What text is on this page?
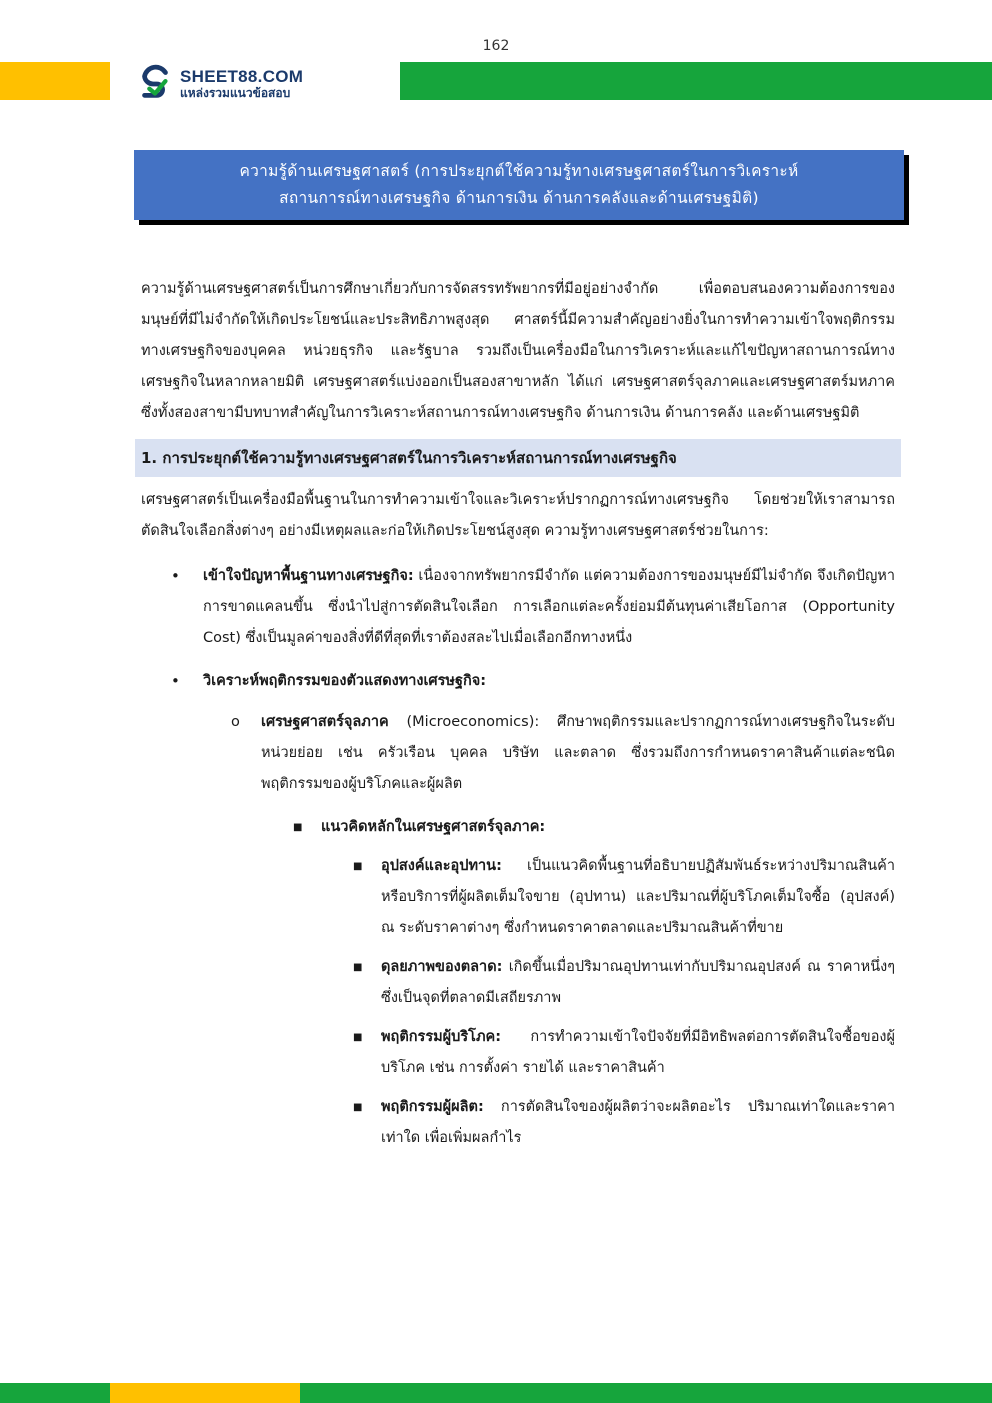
162
SHEET88.COM
แหล่งรวมแนวข้อสอบ
ความรู้ด้านเศรษฐศาสตร์ (การประยุกต์ใช้ความรู้ทางเศรษฐศาสตร์ในการวิเคราะห์
สถานการณ์ทางเศรษฐกิจ ด้านการเงิน ด้านการคลังและด้านเศรษฐมิติ)

ความรู้ด้านเศรษฐศาสตร์เป็นการศึกษาเกี่ยวกับการจัดสรรทรัพยากรที่มีอยู่อย่างจำกัด เพื่อตอบสนองความต้องการของมนุษย์ที่มีไม่จำกัดให้เกิดประโยชน์และประสิทธิภาพสูงสุด ศาสตร์นี้มีความสำคัญอย่างยิ่งในการทำความเข้าใจพฤติกรรมทางเศรษฐกิจของบุคคล หน่วยธุรกิจ และรัฐบาล รวมถึงเป็นเครื่องมือในการวิเคราะห์และแก้ไขปัญหาสถานการณ์ทางเศรษฐกิจในหลากหลายมิติ เศรษฐศาสตร์แบ่งออกเป็นสองสาขาหลัก ได้แก่ เศรษฐศาสตร์จุลภาคและเศรษฐศาสตร์มหภาค ซึ่งทั้งสองสาขามีบทบาทสำคัญในการวิเคราะห์สถานการณ์ทางเศรษฐกิจ ด้านการเงิน ด้านการคลัง และด้านเศรษฐมิติ

1. การประยุกต์ใช้ความรู้ทางเศรษฐศาสตร์ในการวิเคราะห์สถานการณ์ทางเศรษฐกิจ

เศรษฐศาสตร์เป็นเครื่องมือพื้นฐานในการทำความเข้าใจและวิเคราะห์ปรากฏการณ์ทางเศรษฐกิจ โดยช่วยให้เราสามารถตัดสินใจเลือกสิ่งต่างๆ อย่างมีเหตุผลและก่อให้เกิดประโยชน์สูงสุด ความรู้ทางเศรษฐศาสตร์ช่วยในการ:

• เข้าใจปัญหาพื้นฐานทางเศรษฐกิจ: เนื่องจากทรัพยากรมีจำกัด แต่ความต้องการของมนุษย์มีไม่จำกัด จึงเกิดปัญหาการขาดแคลนขึ้น ซึ่งนำไปสู่การตัดสินใจเลือก การเลือกแต่ละครั้งย่อมมีต้นทุนค่าเสียโอกาส (Opportunity Cost) ซึ่งเป็นมูลค่าของสิ่งที่ดีที่สุดที่เราต้องสละไปเมื่อเลือกอีกทางหนึ่ง
• วิเคราะห์พฤติกรรมของตัวแสดงทางเศรษฐกิจ:
o เศรษฐศาสตร์จุลภาค (Microeconomics): ศึกษาพฤติกรรมและปรากฏการณ์ทางเศรษฐกิจในระดับหน่วยย่อย เช่น ครัวเรือน บุคคล บริษัท และตลาด ซึ่งรวมถึงการกำหนดราคาสินค้าแต่ละชนิด พฤติกรรมของผู้บริโภคและผู้ผลิต
■ แนวคิดหลักในเศรษฐศาสตร์จุลภาค:
■ อุปสงค์และอุปทาน: เป็นแนวคิดพื้นฐานที่อธิบายปฏิสัมพันธ์ระหว่างปริมาณสินค้าหรือบริการที่ผู้ผลิตเต็มใจขาย (อุปทาน) และปริมาณที่ผู้บริโภคเต็มใจซื้อ (อุปสงค์) ณ ระดับราคาต่างๆ ซึ่งกำหนดราคาตลาดและปริมาณสินค้าที่ขาย
■ ดุลยภาพของตลาด: เกิดขึ้นเมื่อปริมาณอุปทานเท่ากับปริมาณอุปสงค์ ณ ราคาหนึ่งๆ ซึ่งเป็นจุดที่ตลาดมีเสถียรภาพ
■ พฤติกรรมผู้บริโภค: การทำความเข้าใจปัจจัยที่มีอิทธิพลต่อการตัดสินใจซื้อของผู้บริโภค เช่น การตั้งค่า รายได้ และราคาสินค้า
■ พฤติกรรมผู้ผลิต: การตัดสินใจของผู้ผลิตว่าจะผลิตอะไร ปริมาณเท่าใดและราคาเท่าใด เพื่อเพิ่มผลกำไร
